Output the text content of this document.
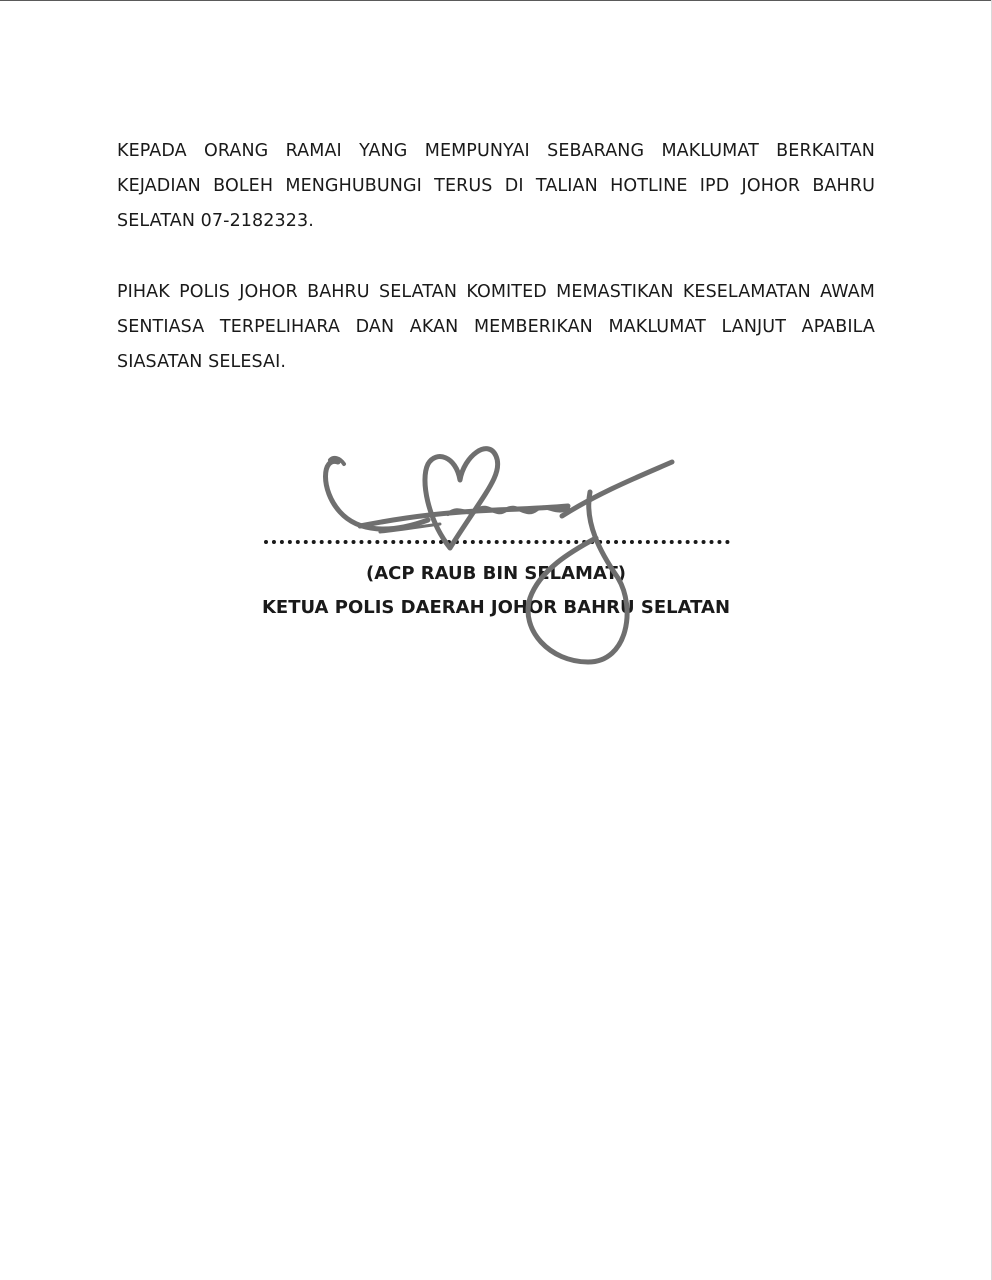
KEPADA ORANG RAMAI YANG MEMPUNYAI SEBARANG MAKLUMAT BERKAITAN KEJADIAN BOLEH MENGHUBUNGI TERUS DI TALIAN HOTLINE IPD JOHOR BAHRU SELATAN 07-2182323.

PIHAK POLIS JOHOR BAHRU SELATAN KOMITED MEMASTIKAN KESELAMATAN AWAM SENTIASA TERPELIHARA DAN AKAN MEMBERIKAN MAKLUMAT LANJUT APABILA SIASATAN SELESAI.

(ACP RAUB BIN SELAMAT)

KETUA POLIS DAERAH JOHOR BAHRU SELATAN
